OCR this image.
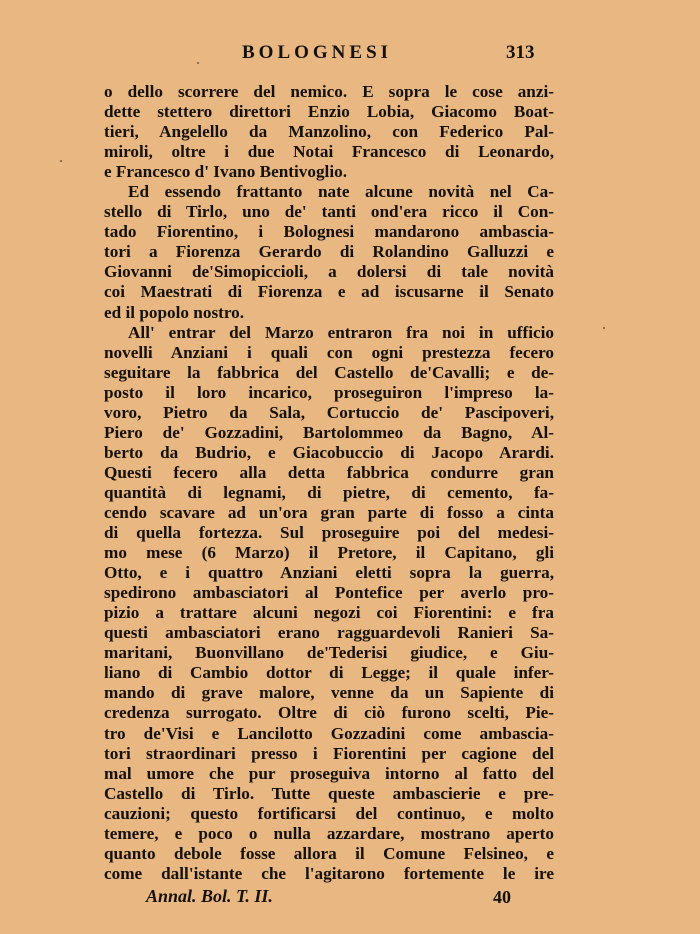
BOLOGNESI	313
o dello scorrere del nemico. E sopra le cose anzi-
dette stettero direttori Enzio Lobia, Giacomo Boat-
tieri, Angelello da Manzolino, con Federico Pal-
miroli, oltre i due Notai Francesco di Leonardo,
e Francesco d' Ivano Bentivoglio.
Ed essendo frattanto nate alcune novità nel Ca-
stello di Tirlo, uno de' tanti ond'era ricco il Con-
tado Fiorentino, i Bolognesi mandarono ambascia-
tori a Fiorenza Gerardo di Rolandino Galluzzi e
Giovanni de'Simopiccioli, a dolersi di tale novità
coi Maestrati di Fiorenza e ad iscusarne il Senato
ed il popolo nostro.
All' entrar del Marzo entraron fra noi in ufficio
novelli Anziani i quali con ogni prestezza fecero
seguitare la fabbrica del Castello de'Cavalli; e de-
posto il loro incarico, proseguiron l'impreso la-
voro, Pietro da Sala, Cortuccio de' Pascipoveri,
Piero de' Gozzadini, Bartolommeo da Bagno, Al-
berto da Budrio, e Giacobuccio di Jacopo Arardi.
Questi fecero alla detta fabbrica condurre gran
quantità di legnami, di pietre, di cemento, fa-
cendo scavare ad un'ora gran parte di fosso a cinta
di quella fortezza. Sul proseguire poi del medesi-
mo mese (6 Marzo) il Pretore, il Capitano, gli
Otto, e i quattro Anziani eletti sopra la guerra,
spedirono ambasciatori al Pontefice per averlo pro-
pizio a trattare alcuni negozi coi Fiorentini: e fra
questi ambasciatori erano ragguardevoli Ranieri Sa-
maritani, Buonvillano de'Tederisi giudice, e Giu-
liano di Cambio dottor di Legge; il quale infer-
mando di grave malore, venne da un Sapiente di
credenza surrogato. Oltre di ciò furono scelti, Pie-
tro de'Visi e Lancilotto Gozzadini come ambascia-
tori straordinari presso i Fiorentini per cagione del
mal umore che pur proseguiva intorno al fatto del
Castello di Tirlo. Tutte queste ambascierie e pre-
cauzioni; questo fortificarsi del continuo, e molto
temere, e poco o nulla azzardare, mostrano aperto
quanto debole fosse allora il Comune Felsineo, e
come dall'istante che l'agitarono fortemente le ire
Annal. Bol. T. II.	40
